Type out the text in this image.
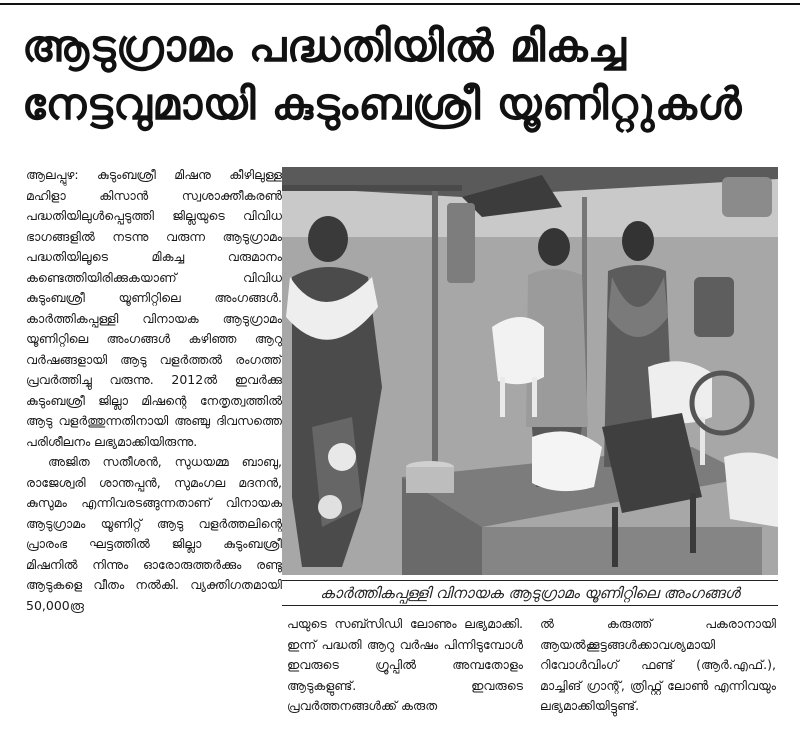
ആടുഗ്രാമം പദ്ധതിയിൽ മികച്ച
നേട്ടവുമായി കുടുംബശ്രീ യൂണിറ്റുകൾ

ആലപ്പുഴ: കുടുംബശ്രീ മിഷനു കീഴിലുള്ള മഹിളാ കിസാൻ സ്വശാക്തീകരൺ പദ്ധതിയിലുൾപ്പെടുത്തി ജില്ലയുടെ വിവിധ ഭാഗങ്ങളിൽ നടന്നു വരുന്ന ആടുഗ്രാമം പദ്ധതിയിലൂടെ മികച്ച വരുമാനം കണ്ടെത്തിയിരിക്കുകയാണ് വിവിധ കുടുംബശ്രീ യൂണിറ്റിലെ അംഗങ്ങൾ. കാർത്തികപ്പള്ളി വിനായക ആടുഗ്രാമം യൂണിറ്റിലെ അംഗങ്ങൾ കഴിഞ്ഞ ആറു വർഷങ്ങളായി ആടു വളർത്തൽ രംഗത്ത് പ്രവർത്തിച്ചു വരുന്നു. 2012ൽ ഇവർക്കു കുടുംബശ്രീ ജില്ലാ മിഷന്റെ നേതൃത്വത്തിൽ ആടു വളർത്തുന്നതിനായി അഞ്ചു ദിവസത്തെ പരിശീലനം ലഭ്യമാക്കിയിരുന്നു.

അജിത സതീശൻ, സുധയമ്മ ബാബു, രാജേശ്വരി ശാന്തപ്പൻ, സുമംഗല മദനൻ, കുസുമം എന്നിവരടങ്ങുന്നതാണ് വിനായക ആടുഗ്രാമം യൂണിറ്റ് ആടു വളർത്തലിന്റെ പ്രാരംഭ ഘട്ടത്തിൽ ജില്ലാ കുടുംബശ്രീ മിഷനിൽ നിന്നും ഓരോരുത്തർക്കും രണ്ടു ആടുകളെ വീതം നൽകി. വ്യക്തിഗതമായി 50,000രൂ

കാർത്തികപ്പള്ളി വിനായക ആടുഗ്രാമം യൂണിറ്റിലെ അംഗങ്ങൾ

പയുടെ സബ്സിഡി ലോണും ലഭ്യമാക്കി. ഇന്ന് പദ്ധതി ആറു വർഷം പിന്നിടുമ്പോൾ ഇവരുടെ ഗ്രൂപ്പിൽ അമ്പതോളം ആടുകളുണ്ട്. ഇവരുടെ പ്രവർത്തനങ്ങൾക്ക് കരുത

ൽ കരുത്ത് പകരാനായി ആയൽക്കൂട്ടങ്ങൾക്കാവശ്യമായി റിവോൾവിംഗ് ഫണ്ട് (ആർ.എഫ്.), മാച്ചിങ് ഗ്രാന്റ്, ത്രിഫ്റ്റ് ലോൺ എന്നിവയും ലഭ്യമാക്കിയിട്ടുണ്ട്.
